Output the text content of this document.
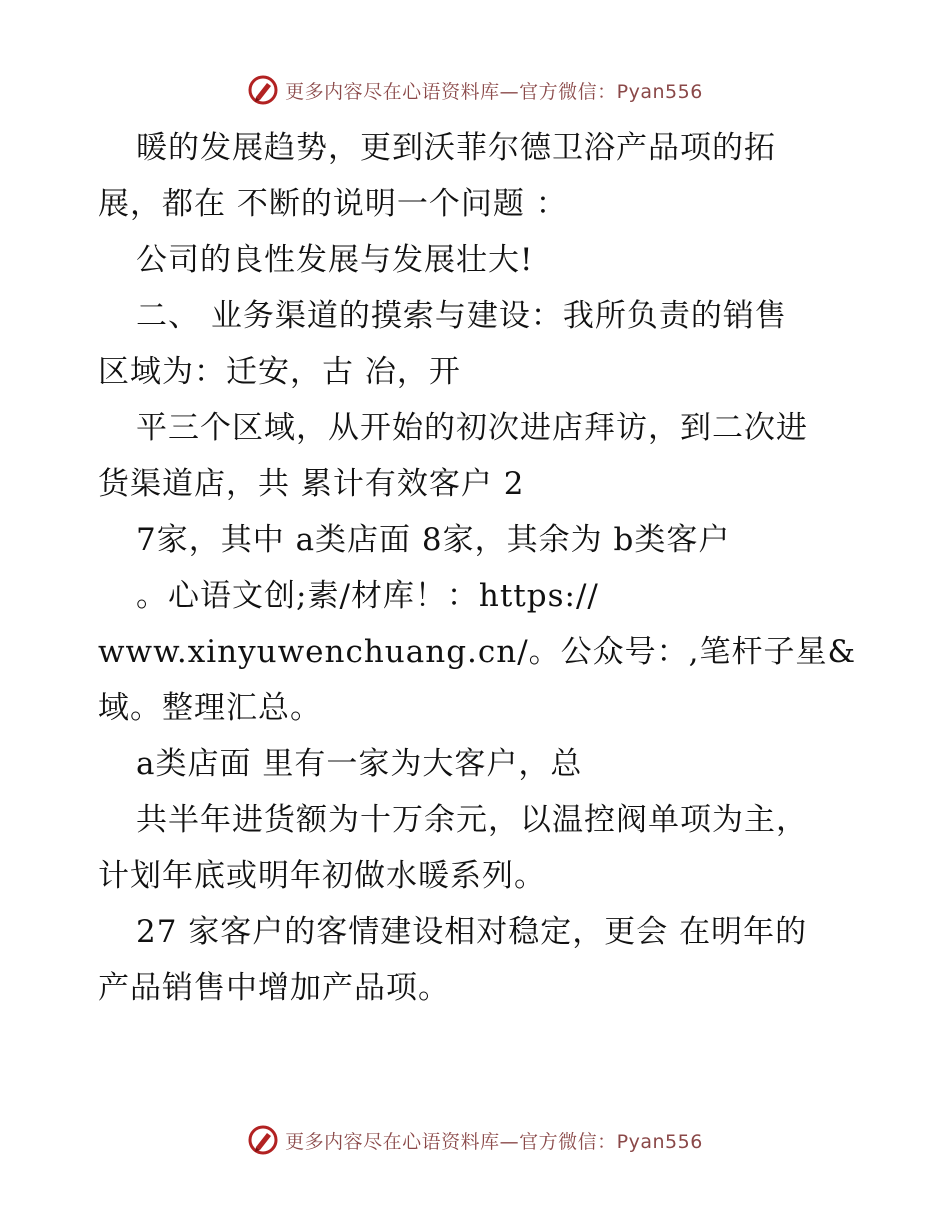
更多内容尽在心语资料库—官方微信：Pyan556
暖的发展趋势，更到沃菲尔德卫浴产品项的拓
展，都在 不断的说明一个问题 ：
公司的良性发展与发展壮大!
二、 业务渠道的摸索与建设：我所负责的销售
区域为：迁安，古 冶，开
平三个区域，从开始的初次进店拜访，到二次进
货渠道店，共 累计有效客户 2
7家，其中 a类店面 8家，其余为 b类客户
。心语文创;素/材库！：https://
www.xinyuwenchuang.cn/。公众号：,笔杆子星&
域。整理汇总。
a类店面 里有一家为大客户，总
共半年进货额为十万余元，以温控阀单项为主，
计划年底或明年初做水暖系列。
27 家客户的客情建设相对稳定，更会 在明年的
产品销售中增加产品项。
更多内容尽在心语资料库—官方微信：Pyan556
